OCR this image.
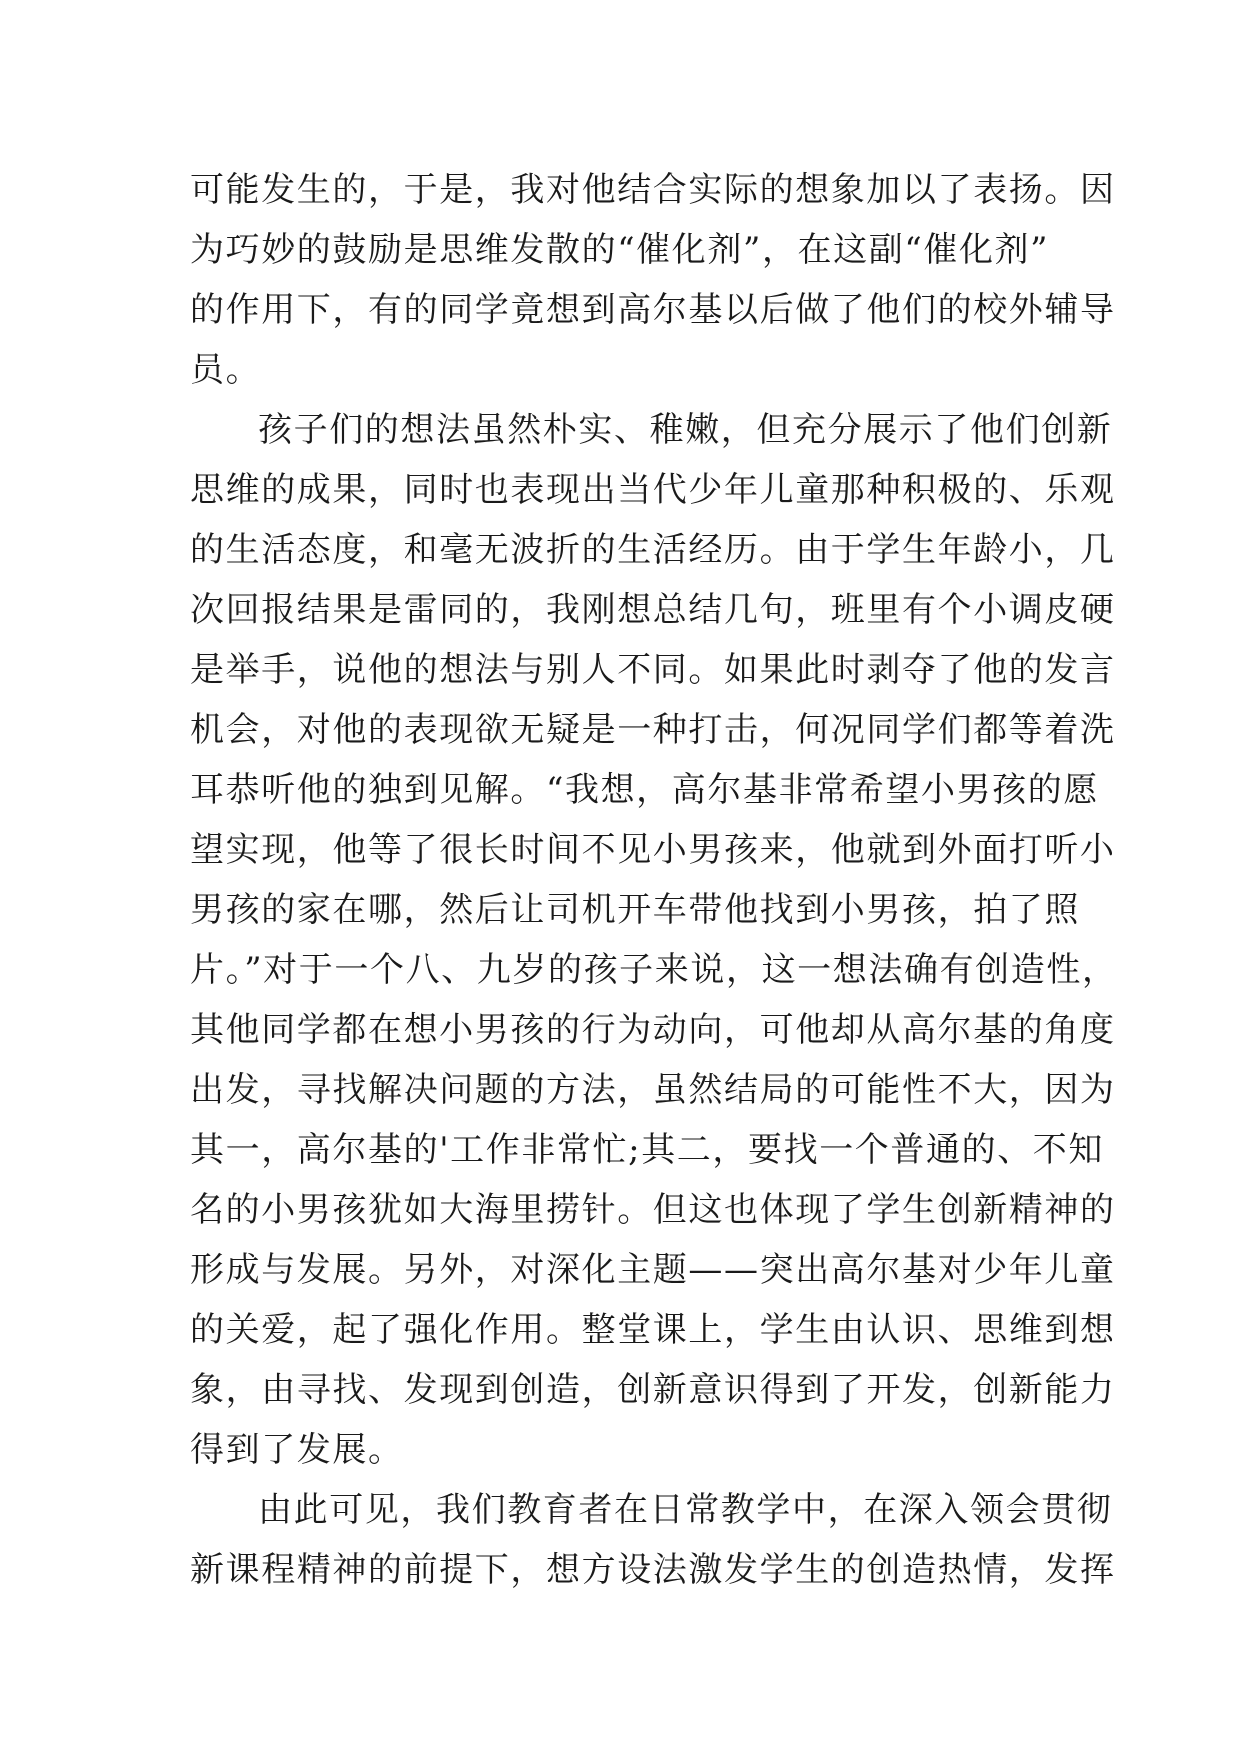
可能发生的，于是，我对他结合实际的想象加以了表扬。因
为巧妙的鼓励是思维发散的“催化剂”，在这副“催化剂”
的作用下，有的同学竟想到高尔基以后做了他们的校外辅导
员。
孩子们的想法虽然朴实、稚嫩，但充分展示了他们创新
思维的成果，同时也表现出当代少年儿童那种积极的、乐观
的生活态度，和毫无波折的生活经历。由于学生年龄小，几
次回报结果是雷同的，我刚想总结几句，班里有个小调皮硬
是举手，说他的想法与别人不同。如果此时剥夺了他的发言
机会，对他的表现欲无疑是一种打击，何况同学们都等着洗
耳恭听他的独到见解。“我想，高尔基非常希望小男孩的愿
望实现，他等了很长时间不见小男孩来，他就到外面打听小
男孩的家在哪，然后让司机开车带他找到小男孩，拍了照
片。”对于一个八、九岁的孩子来说，这一想法确有创造性，
其他同学都在想小男孩的行为动向，可他却从高尔基的角度
出发，寻找解决问题的方法，虽然结局的可能性不大，因为
其一，高尔基的'工作非常忙;其二，要找一个普通的、不知
名的小男孩犹如大海里捞针。但这也体现了学生创新精神的
形成与发展。另外，对深化主题——突出高尔基对少年儿童
的关爱，起了强化作用。整堂课上，学生由认识、思维到想
象，由寻找、发现到创造，创新意识得到了开发，创新能力
得到了发展。
由此可见，我们教育者在日常教学中，在深入领会贯彻
新课程精神的前提下，想方设法激发学生的创造热情，发挥
